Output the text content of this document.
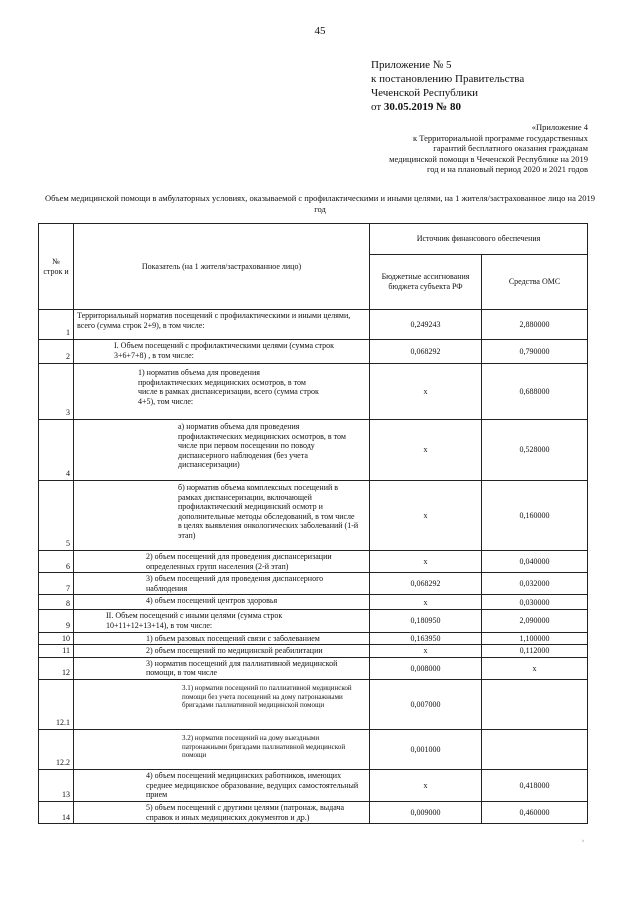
45
Приложение № 5
к постановлению Правительства
Чеченской Республики
от 30.05.2019 № 80
«Приложение 4
к Территориальной программе государственных
гарантий бесплатного оказания гражданам
медицинской помощи в Чеченской Республике на 2019
год и на плановый период 2020 и 2021 годов
Объем медицинской помощи в амбулаторных условиях, оказываемой с профилактическими и иными целями, на 1 жителя/застрахованное лицо на 2019 год
№ строк и	Показатель (на 1 жителя/застрахованное лицо)	Источник финансового обеспечения	
		Бюджетные ассигнования бюджета субъекта РФ	Средства ОМС
1	Территориальный норматив посещений с профилактическими и иными целями, всего (сумма строк 2+9), в том числе:	0,249243	2,880000
2	I. Объем посещений с профилактическими целями (сумма строк 3+6+7+8) , в том числе:	0,068292	0,790000
3	1) норматив объема для проведения профилактических медицинских осмотров, в том числе в рамках диспансеризации, всего (сумма строк 4+5), том числе:	х	0,688000
4	а) норматив объема для проведения профилактических медицинских осмотров, в том числе при первом посещении по поводу диспансерного наблюдения (без учета диспансеризации)	х	0,528000
5	б) норматив объема комплексных посещений в рамках диспансеризации, включающей профилактический медицинский осмотр и дополнительные методы обследований, в том числе в целях выявления онкологических заболеваний (1-й этап)	х	0,160000
6	2) объем посещений для проведения диспансеризации определенных групп населения (2-й этап)	х	0,040000
7	3) объем посещений для проведения диспансерного наблюдения	0,068292	0,032000
8	4) объем посещений центров здоровья	х	0,030000
9	II. Объем посещений с иными целями (сумма строк 10+11+12+13+14), в том числе:	0,180950	2,090000
10	1) объем разовых посещений связи с заболеванием	0,163950	1,100000
11	2) объем посещений по медицинской реабилитации	х	0,112000
12	3) норматив посещений для паллиативной медицинской помощи, в том числе	0,008000	х
12.1	3.1) норматив посещений по паллиативной медицинской помощи без учета посещений на дому патронажными бригадами паллиативной медицинской помощи	0,007000	
12.2	3.2) норматив посещений на дому выездными патронажными бригадами паллиативной медицинской помощи	0,001000	
13	4) объем посещений медицинских работников, имеющих среднее медицинское образование, ведущих самостоятельный прием	х	0,418000
14	5) объем посещений с другими целями (патронаж, выдача справок и иных медицинских документов и др.)	0,009000	0,460000
›
